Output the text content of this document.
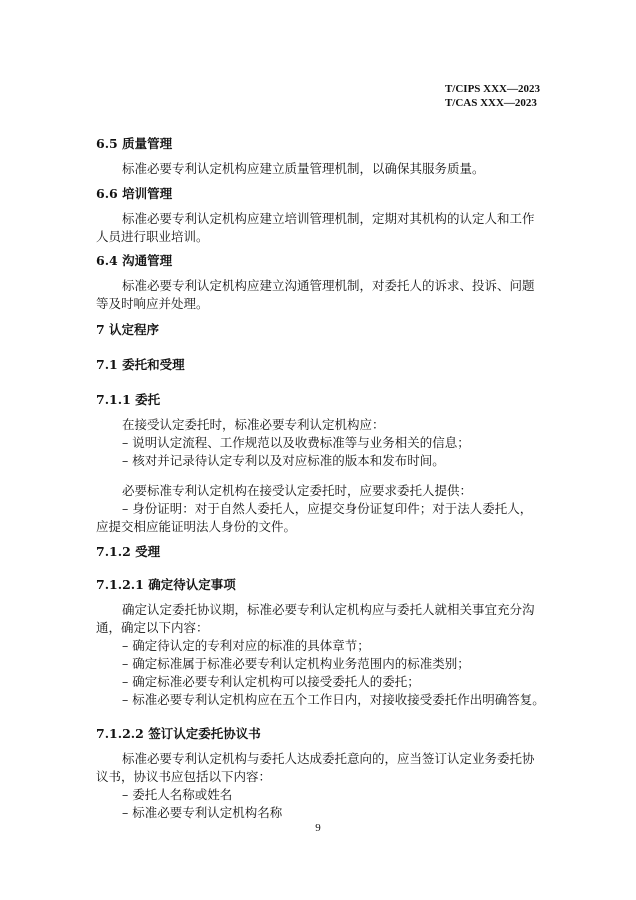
T/CIPS XXX—2023
T/CAS XXX—2023
6.5 质量管理
标准必要专利认定机构应建立质量管理机制，以确保其服务质量。
6.6 培训管理
标准必要专利认定机构应建立培训管理机制，定期对其机构的认定人和工作
人员进行职业培训。
6.4 沟通管理
标准必要专利认定机构应建立沟通管理机制，对委托人的诉求、投诉、问题
等及时响应并处理。
7 认定程序
7.1 委托和受理
7.1.1 委托
在接受认定委托时，标准必要专利认定机构应：
– 说明认定流程、工作规范以及收费标准等与业务相关的信息；
– 核对并记录待认定专利以及对应标准的版本和发布时间。
必要标准专利认定机构在接受认定委托时，应要求委托人提供：
– 身份证明：对于自然人委托人，应提交身份证复印件；对于法人委托人，
应提交相应能证明法人身份的文件。
7.1.2 受理
7.1.2.1 确定待认定事项
确定认定委托协议期，标准必要专利认定机构应与委托人就相关事宜充分沟
通，确定以下内容：
– 确定待认定的专利对应的标准的具体章节；
– 确定标准属于标准必要专利认定机构业务范围内的标准类别；
– 确定标准必要专利认定机构可以接受委托人的委托；
– 标准必要专利认定机构应在五个工作日内，对接收接受委托作出明确答复。
7.1.2.2 签订认定委托协议书
标准必要专利认定机构与委托人达成委托意向的，应当签订认定业务委托协
议书，协议书应包括以下内容：
– 委托人名称或姓名
– 标准必要专利认定机构名称
9
